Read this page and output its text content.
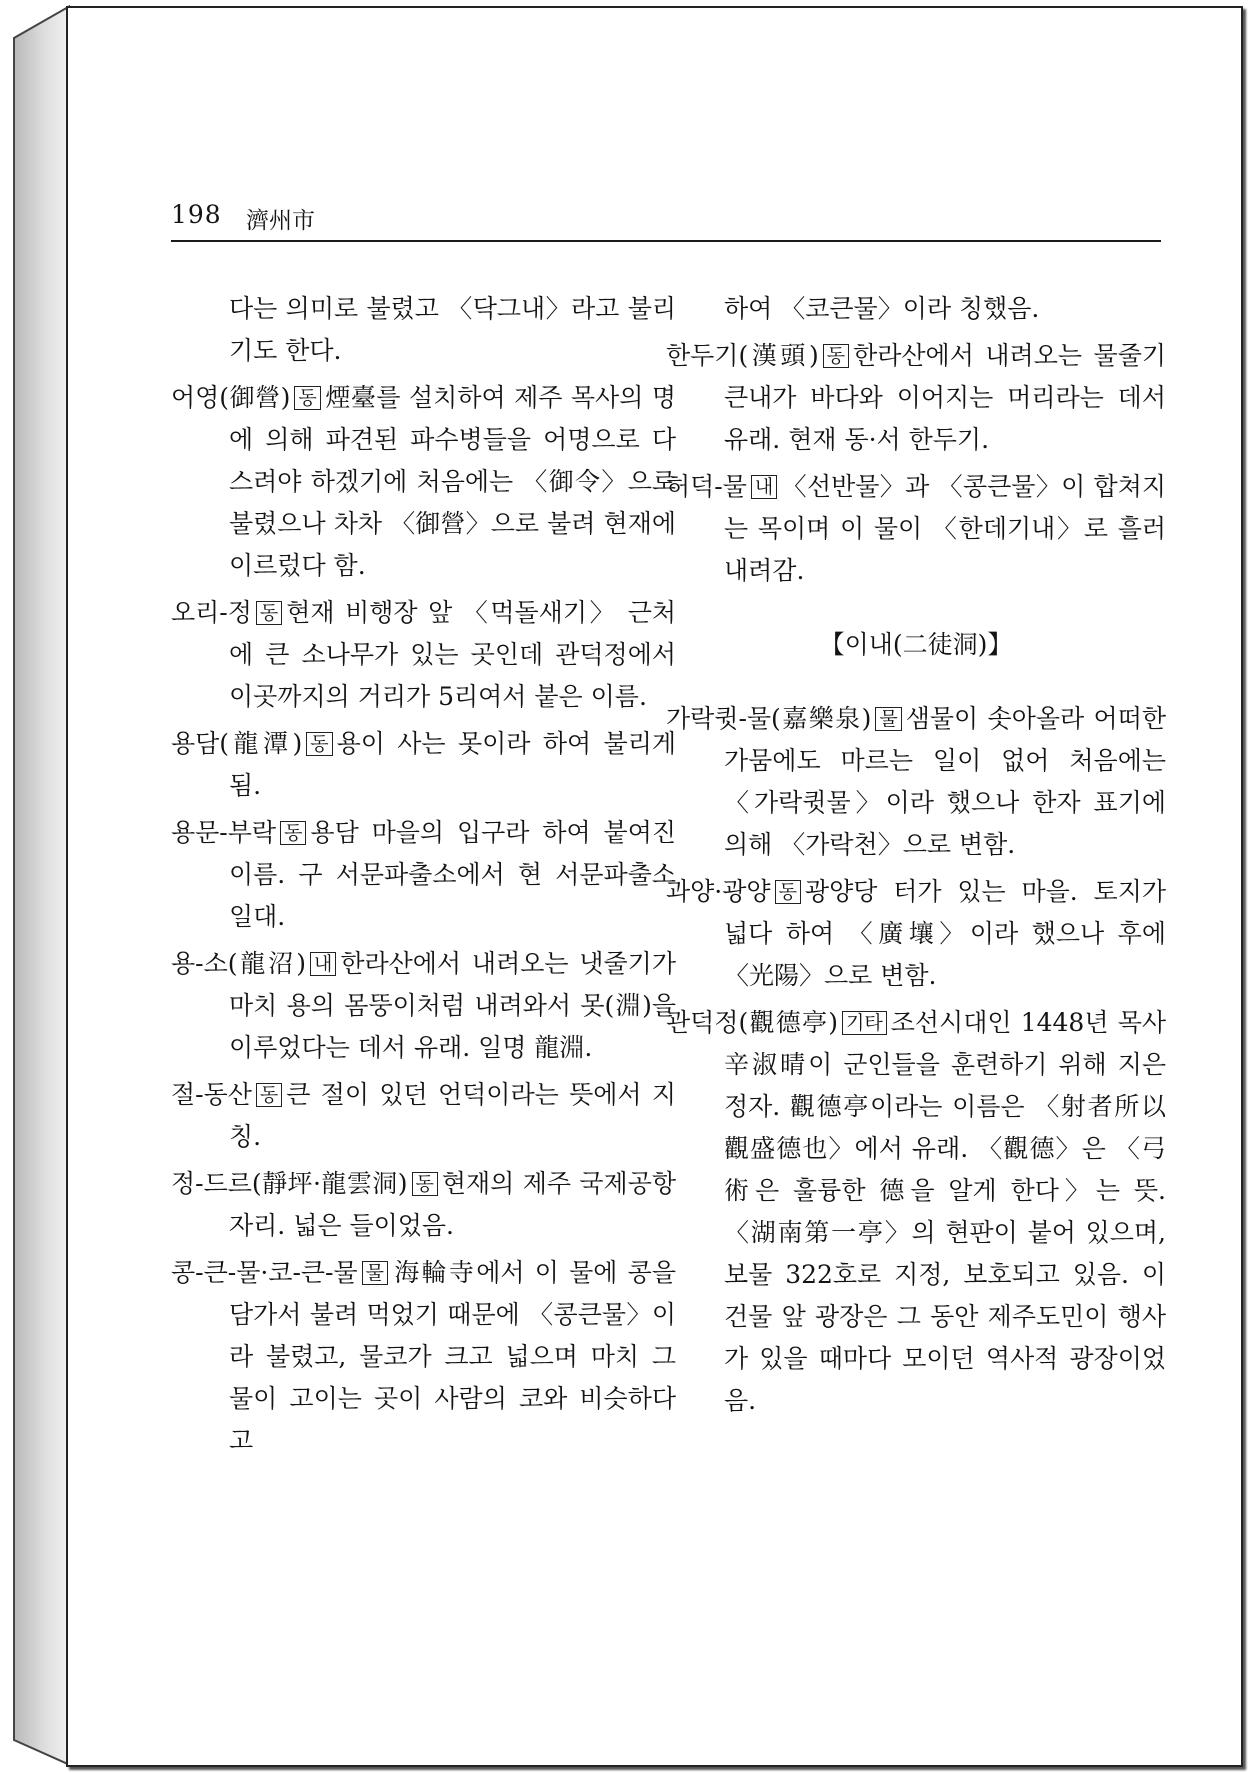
198 濟州市

다는 의미로 불렸고 〈닥그내〉라고 불리기도 한다.

어영(御營) 동 煙臺를 설치하여 제주 목사의 명에 의해 파견된 파수병들을 어명으로 다스려야 하겠기에 처음에는 〈御令〉으로 불렸으나 차차 〈御營〉으로 불려 현재에 이르렀다 함.

오리-정 동 현재 비행장 앞 〈먹돌새기〉 근처에 큰 소나무가 있는 곳인데 관덕정에서 이곳까지의 거리가 5리여서 붙은 이름.

용담(龍潭) 동 용이 사는 못이라 하여 불리게 됨.

용문-부락 동 용담 마을의 입구라 하여 붙여진 이름. 구 서문파출소에서 현 서문파출소 일대.

용-소(龍沼) 내 한라산에서 내려오는 냇줄기가 마치 용의 몸뚱이처럼 내려와서 못(淵)을 이루었다는 데서 유래. 일명 龍淵.

절-동산 동 큰 절이 있던 언덕이라는 뜻에서 지칭.

정-드르(靜坪·龍雲洞) 동 현재의 제주 국제공항 자리. 넓은 들이었음.

콩-큰-물·코-큰-물 물 海輪寺에서 이 물에 콩을 담가서 불려 먹었기 때문에 〈콩큰물〉이라 불렸고, 물코가 크고 넓으며 마치 그 물이 고이는 곳이 사람의 코와 비슷하다고

하여 〈코큰물〉이라 칭했음.

한두기(漢頭) 동 한라산에서 내려오는 물줄기 큰내가 바다와 이어지는 머리라는 데서 유래. 현재 동·서 한두기.

허덕-물 내 〈선반물〉과 〈콩큰물〉이 합쳐지는 목이며 이 물이 〈한데기내〉로 흘러 내려감.

【이내(二徒洞)】

가락큇-물(嘉樂泉) 물 샘물이 솟아올라 어떠한 가뭄에도 마르는 일이 없어 처음에는 〈가락큇물〉이라 했으나 한자 표기에 의해 〈가락천〉으로 변함.

과양·광양 동 광양당 터가 있는 마을. 토지가 넓다 하여 〈廣壤〉이라 했으나 후에 〈光陽〉으로 변함.

관덕정(觀德亭) 기타 조선시대인 1448년 목사 辛淑晴이 군인들을 훈련하기 위해 지은 정자. 觀德亭이라는 이름은 〈射者所以 觀盛德也〉에서 유래. 〈觀德〉은 〈弓術은 훌륭한 德을 알게 한다〉는 뜻. 〈湖南第一亭〉의 현판이 붙어 있으며, 보물 322호로 지정, 보호되고 있음. 이 건물 앞 광장은 그 동안 제주도민이 행사가 있을 때마다 모이던 역사적 광장이었음.
